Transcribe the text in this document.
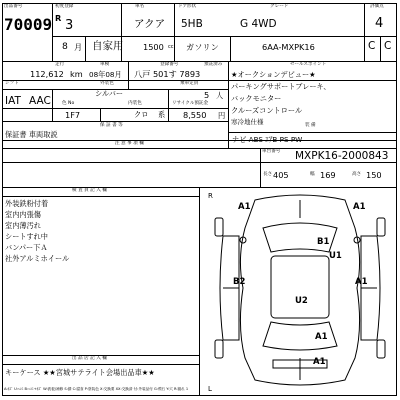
出品番号
70009
初度登録
R 3
8 月
車名
アクア
ドア形状
5HB
グレード
G 4WD
評価点
4
自家用 1500 cc ガソリン	6AA-MXPK16	C C
走行
112,612 km
車検
08年08月
登録番号
八戸 501す 7893
預託済み
シフト	外装色
シルバー
乗車定員
5 人
IAT AAC 色 No	内装色	リサイクル預託金
1F7	クロ 系 8,550 円
セールスポイント
★オークションデビュー★
パーキングサポートブレーキ、
バックモニター
クルーズコントロール
寒冷地仕様
保 証 書 等
保証書 車両取説
装 備
ナビ ABS ｴｱB PS PW
注 意 事 項 欄
車台番号 MXPK16-2000843
長さ 405	幅 169	高さ 150
検 査 員 記 入 欄
外装鉄粉付着
室内内張傷
室内薄汚れ
シートすれ中
バンパー下Ａ
社外アルミホイール
出 品 店 記 入 欄
キーケース ★★宮城サテライト会場出品車★★
R
L
A1	A1
B1
U1
B2	A1
U2
A1
A1
A:ｷｽﾞ U:ﾍｺﾐ B:ﾍｺﾐ+ｷｽﾞ W:波板/補修 S:錆 C:腐食 P:塗装色 X:交換要 XX:交換済 付:外装品付 G:飛石 Y:穴 R:割れ 1
